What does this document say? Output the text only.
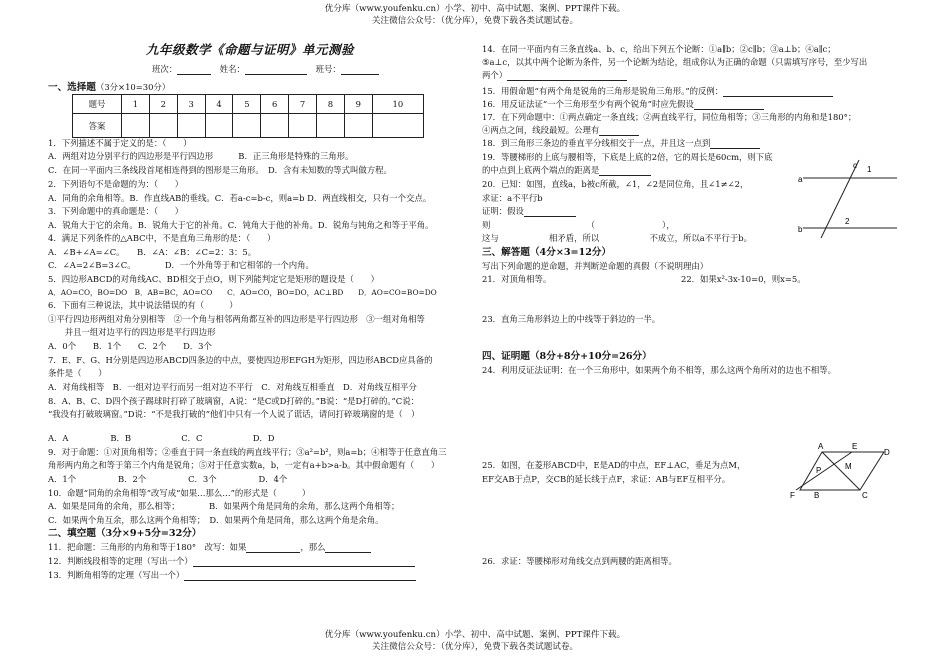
优分库（www.youfenku.cn）小学、初中、高中试题、案例、PPT课件下载。
关注微信公众号：（优分库），免费下载各类试题试卷。
九年级数学《命题与证明》单元测验
班次：	姓名：	班号：
一、选择题（3分×10=30分）
题号	1	2	3	4	5	6	7	8	9	10
答案										
1．下列描述不属于定义的是：（　　）
A．两组对边分别平行的四边形是平行四边形　　　B．正三角形是特殊的三角形。
C．在同一平面内三条线段首尾相连得到的图形是三角形。　D．含有未知数的等式叫做方程。
2．下列语句不是命题的为：（　　）
A．同角的余角相等。B．作直线AB的垂线。C．若a-c=b-c，则a=b D．两直线相交，只有一个交点。
3．下列命题中的真命题是：（　　）
A．锐角大于它的余角。B．锐角大于它的补角。C．钝角大于他的补角。D．锐角与钝角之和等于平角。
4．满足下列条件的△ABC中，不是直角三角形的是：（　　）
A．∠B+∠A=∠C。　　B．∠A：∠B：∠C=2：3：5。
C．∠A=2∠B=3∠C。　　　　D．一个外角等于和它相邻的一个内角。
5．四边形ABCD的对角线AC、BD相交于点O，则下列能判定它是矩形的题设是（　　）
A．AO=CO，BO=DO　B．AB=BC，AO=CO　　C．AO=CO，BO=DO，AC⊥BD　　D．AO=CO=BO=DO
6．下面有三种说法，其中说法错误的有（　　　）
①平行四边形两组对角分别相等　②一个角与相邻两角都互补的四边形是平行四边形　③一组对角相等
　　并且一组对边平行的四边形是平行四边形
A．0个　　B．1个　　C．2个　　D．3个
7．E、F、G、H分别是四边形ABCD四条边的中点，要使四边形EFGH为矩形，四边形ABCD应具备的
条件是（　　）
A．对角线相等　B．一组对边平行而另一组对边不平行　C．对角线互相垂直　D．对角线互相平分
8．A、B、C、D四个孩子踢球时打碎了玻璃窗，A说：“是C或D打碎的。”B说：“是D打碎的。”C说：
“我没有打破玻璃窗。”D说：“不是我打破的”他们中只有一个人说了谎话，请问打碎玻璃窗的是（　）
A．A　　　　　B．B　　　　　　C．C　　　　　　D．D
9．对于命题：①对顶角相等；②垂直于同一条直线的两直线平行；③a²=b²，则a=b；④相等于任意直角三
角形两内角之和等于第三个内角是锐角；⑤对于任意实数a，b，一定有a+b>a-b。其中假命题有（　　）
A．1个　　　　　B．2个　　　　　C．3个　　　　　D．4个
10．命题“同角的余角相等”改写成“如果…那么…”的形式是（　　　）
A．如果是同角的余角，那么相等；　　　　B．如果两个角是同角的余角，那么这两个角相等；
C．如果两个角互余，那么这两个角相等；　D．如果两个角是同角，那么这两个角是余角。
二、填空题（3分×9+5分=32分）
11．把命题：三角形的内角和等于180°　改写：如果	，那么
12．判断线段相等的定理（写出一个）
13．判断角相等的定理（写出一个）
14．在同一平面内有三条直线a、b、c，给出下列五个论断：①a∥b；②c∥b；③a⊥b；④a∥c；
⑤a⊥c，以其中两个论断为条件，另一个论断为结论，组成你认为正确的命题（只需填写序号，至少写出
两个）
15．用假命题“有两个角是锐角的三角形是锐角三角形。”的反例：
16．用反证法证“一个三角形至少有两个锐角”时应先假设
17．在下列命题中：①两点确定一条直线；②两直线平行，同位角相等；③三角形的内角和是180°；
④两点之间，线段最短。公理有
18．到三角形三条边的垂直平分线相交于一点，并且这一点到
19．等腰梯形的上底与腰相等，下底是上底的2倍，它的周长是60cm，则下底
的中点到上底两个端点的距离是
20．已知：如图，直线a，b被c所截，∠1，∠2是同位角，且∠1≠∠2，
求证：a不平行b
证明：假设
则　　　　　　　　　　　　（　　　　　　　　），
这与　　　　　　相矛盾，所以　　　　　　不成立，所以a不平行于b。
c 1
a
2
b
三、解答题（4分×3=12分）
写出下列命题的逆命题，并判断逆命题的真假（不说明理由）
21．对顶角相等。	22．如果x²-3x-10=0，则x=5。
23．直角三角形斜边上的中线等于斜边的一半。
四、证明题（8分+8分+10分=26分）
24．利用反证法证明：在一个三角形中，如果两个角不相等，那么这两个角所对的边也不相等。
25．如图，在菱形ABCD中，E是AD的中点，EF⊥AC，垂足为点M，
EF交AB于点P，交CB的延长线于点F，求证：AB与EF互相平分。
A	E
D
M
P
C
F B
26．求证：等腰梯形对角线交点到两腰的距离相等。
优分库（www.youfenku.cn）小学、初中、高中试题、案例、PPT课件下载。
关注微信公众号：（优分库），免费下载各类试题试卷。
